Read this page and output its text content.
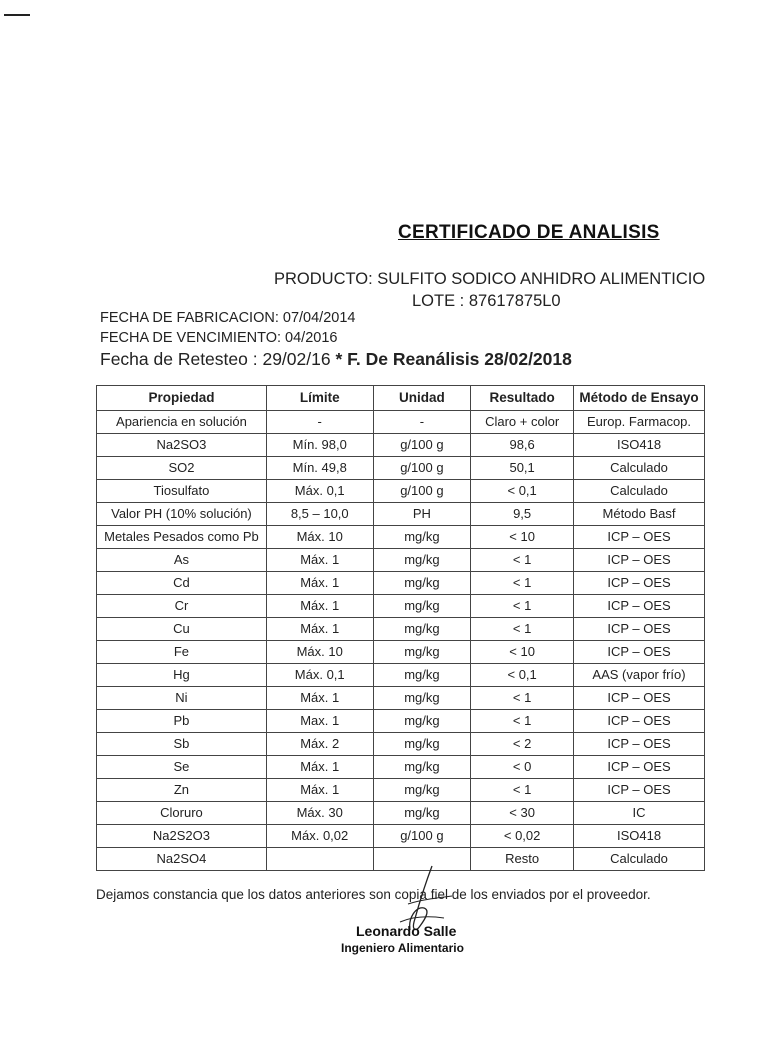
CERTIFICADO DE ANALISIS
PRODUCTO: SULFITO SODICO ANHIDRO ALIMENTICIO
LOTE : 87617875L0
FECHA DE FABRICACION: 07/04/2014
FECHA DE VENCIMIENTO: 04/2016
Fecha de Retesteo : 29/02/16 * F. De Reanálisis 28/02/2018
Propiedad	Límite	Unidad	Resultado	Método de Ensayo
Apariencia en solución	-	-	Claro + color	Europ. Farmacop.
Na2SO3	Mín. 98,0	g/100 g	98,6	ISO418
SO2	Mín. 49,8	g/100 g	50,1	Calculado
Tiosulfato	Máx. 0,1	g/100 g	< 0,1	Calculado
Valor PH (10% solución)	8,5 – 10,0	PH	9,5	Método Basf
Metales Pesados como Pb	Máx. 10	mg/kg	< 10	ICP – OES
As	Máx. 1	mg/kg	< 1	ICP – OES
Cd	Máx. 1	mg/kg	< 1	ICP – OES
Cr	Máx. 1	mg/kg	< 1	ICP – OES
Cu	Máx. 1	mg/kg	< 1	ICP – OES
Fe	Máx. 10	mg/kg	< 10	ICP – OES
Hg	Máx. 0,1	mg/kg	< 0,1	AAS (vapor frío)
Ni	Máx. 1	mg/kg	< 1	ICP – OES
Pb	Max. 1	mg/kg	< 1	ICP – OES
Sb	Máx. 2	mg/kg	< 2	ICP – OES
Se	Máx. 1	mg/kg	< 0	ICP – OES
Zn	Máx. 1	mg/kg	< 1	ICP – OES
Cloruro	Máx. 30	mg/kg	< 30	IC
Na2S2O3	Máx. 0,02	g/100 g	< 0,02	ISO418
Na2SO4			Resto	Calculado
Dejamos constancia que los datos anteriores son copia fiel de los enviados por el proveedor.
Leonardo Salle
Ingeniero Alimentario
